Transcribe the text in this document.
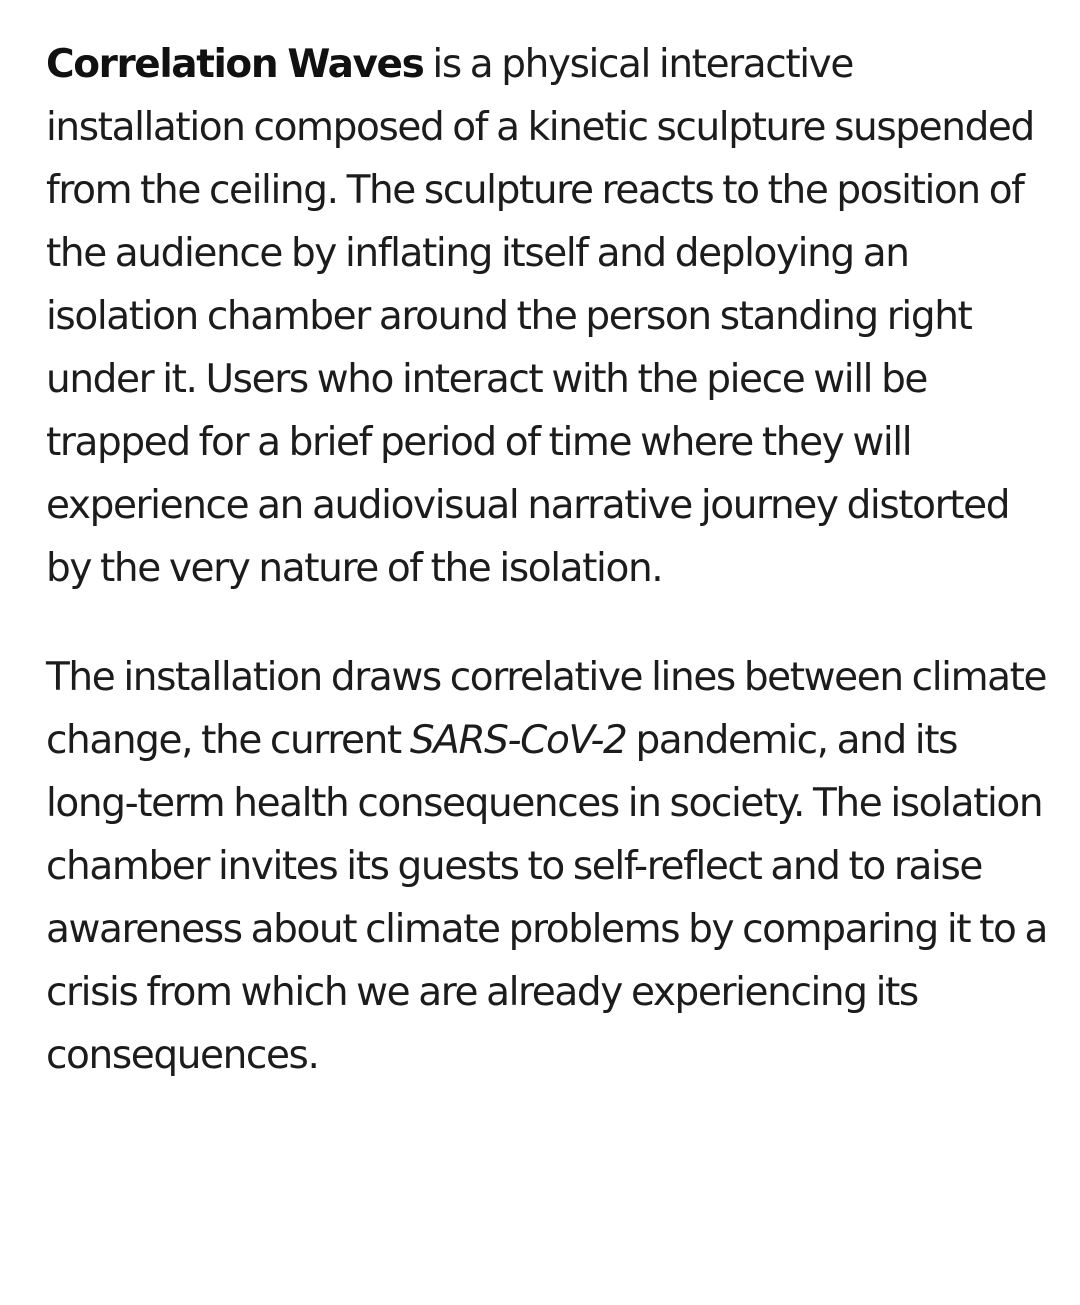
Correlation Waves is a physical interactive installation composed of a kinetic sculpture suspended from the ceiling. The sculpture reacts to the position of the audience by inflating itself and deploying an isolation chamber around the person standing right under it. Users who interact with the piece will be trapped for a brief period of time where they will experience an audiovisual narrative journey distorted by the very nature of the isolation.

The installation draws correlative lines between climate change, the current SARS-CoV-2 pandemic, and its long-term health consequences in society. The isolation chamber invites its guests to self-reflect and to raise awareness about climate problems by comparing it to a crisis from which we are already experiencing its consequences.
